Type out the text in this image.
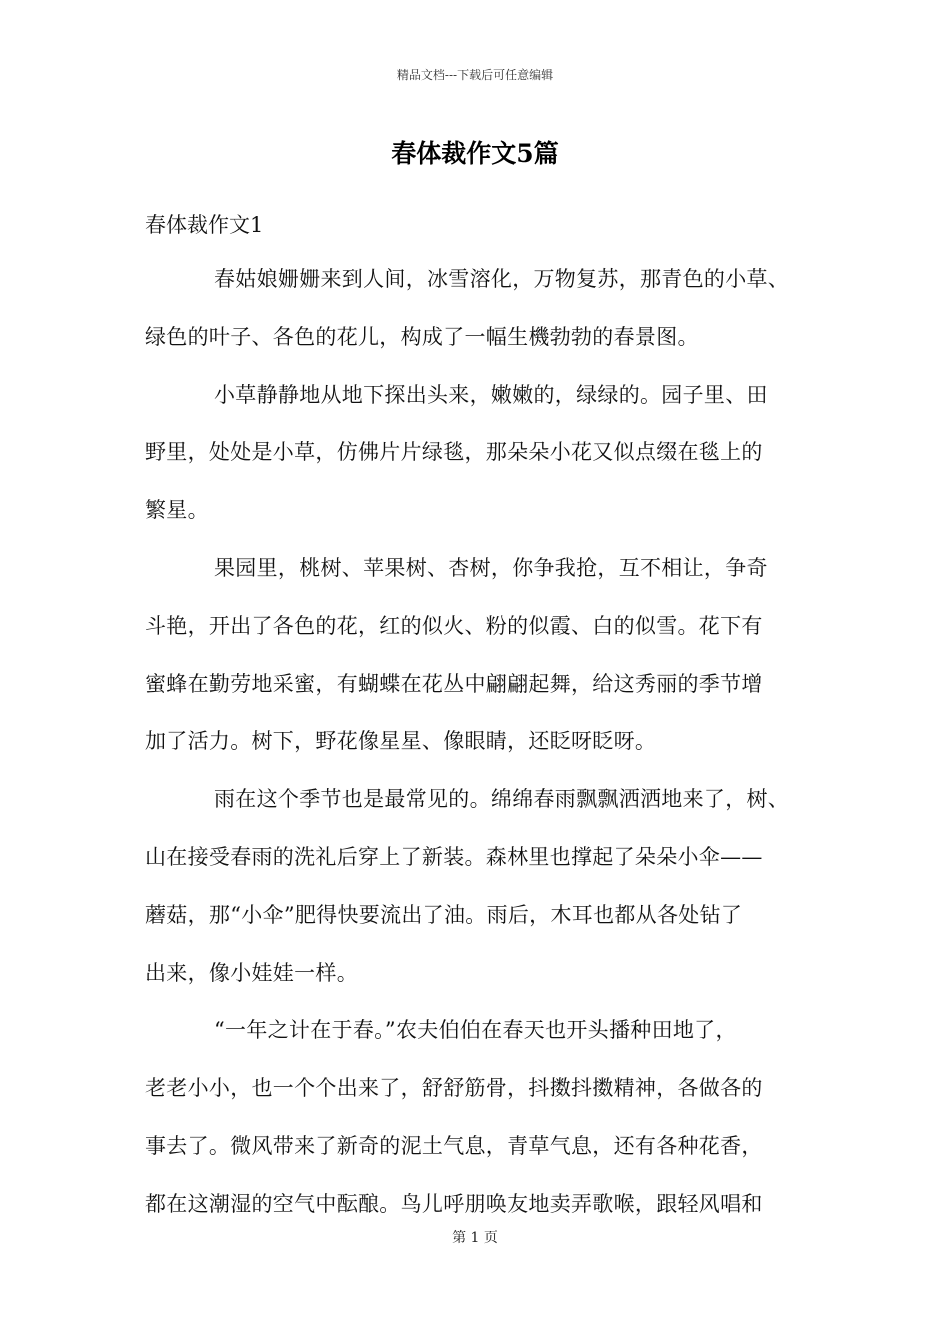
精品文档---下载后可任意编辑
春体裁作文5篇
春体裁作文1
春姑娘姗姗来到人间，冰雪溶化，万物复苏，那青色的小草、
绿色的叶子、各色的花儿，构成了一幅生機勃勃的春景图。
小草静静地从地下探出头来，嫩嫩的，绿绿的。园子里、田
野里，处处是小草，仿佛片片绿毯，那朵朵小花又似点缀在毯上的
繁星。
果园里，桃树、苹果树、杏树，你争我抢，互不相让，争奇
斗艳，开出了各色的花，红的似火、粉的似霞、白的似雪。花下有
蜜蜂在勤劳地采蜜，有蝴蝶在花丛中翩翩起舞，给这秀丽的季节增
加了活力。树下，野花像星星、像眼睛，还眨呀眨呀。
雨在这个季节也是最常见的。绵绵春雨飘飘洒洒地来了，树、
山在接受春雨的洗礼后穿上了新装。森林里也撑起了朵朵小伞——
蘑菇，那“小伞”肥得快要流出了油。雨后，木耳也都从各处钻了
出来，像小娃娃一样。
“一年之计在于春。”农夫伯伯在春天也开头播种田地了，
老老小小，也一个个出来了，舒舒筋骨，抖擞抖擞精神，各做各的
事去了。微风带来了新奇的泥土气息，青草气息，还有各种花香，
都在这潮湿的空气中酝酿。鸟儿呼朋唤友地卖弄歌喉，跟轻风唱和
第 1 页
